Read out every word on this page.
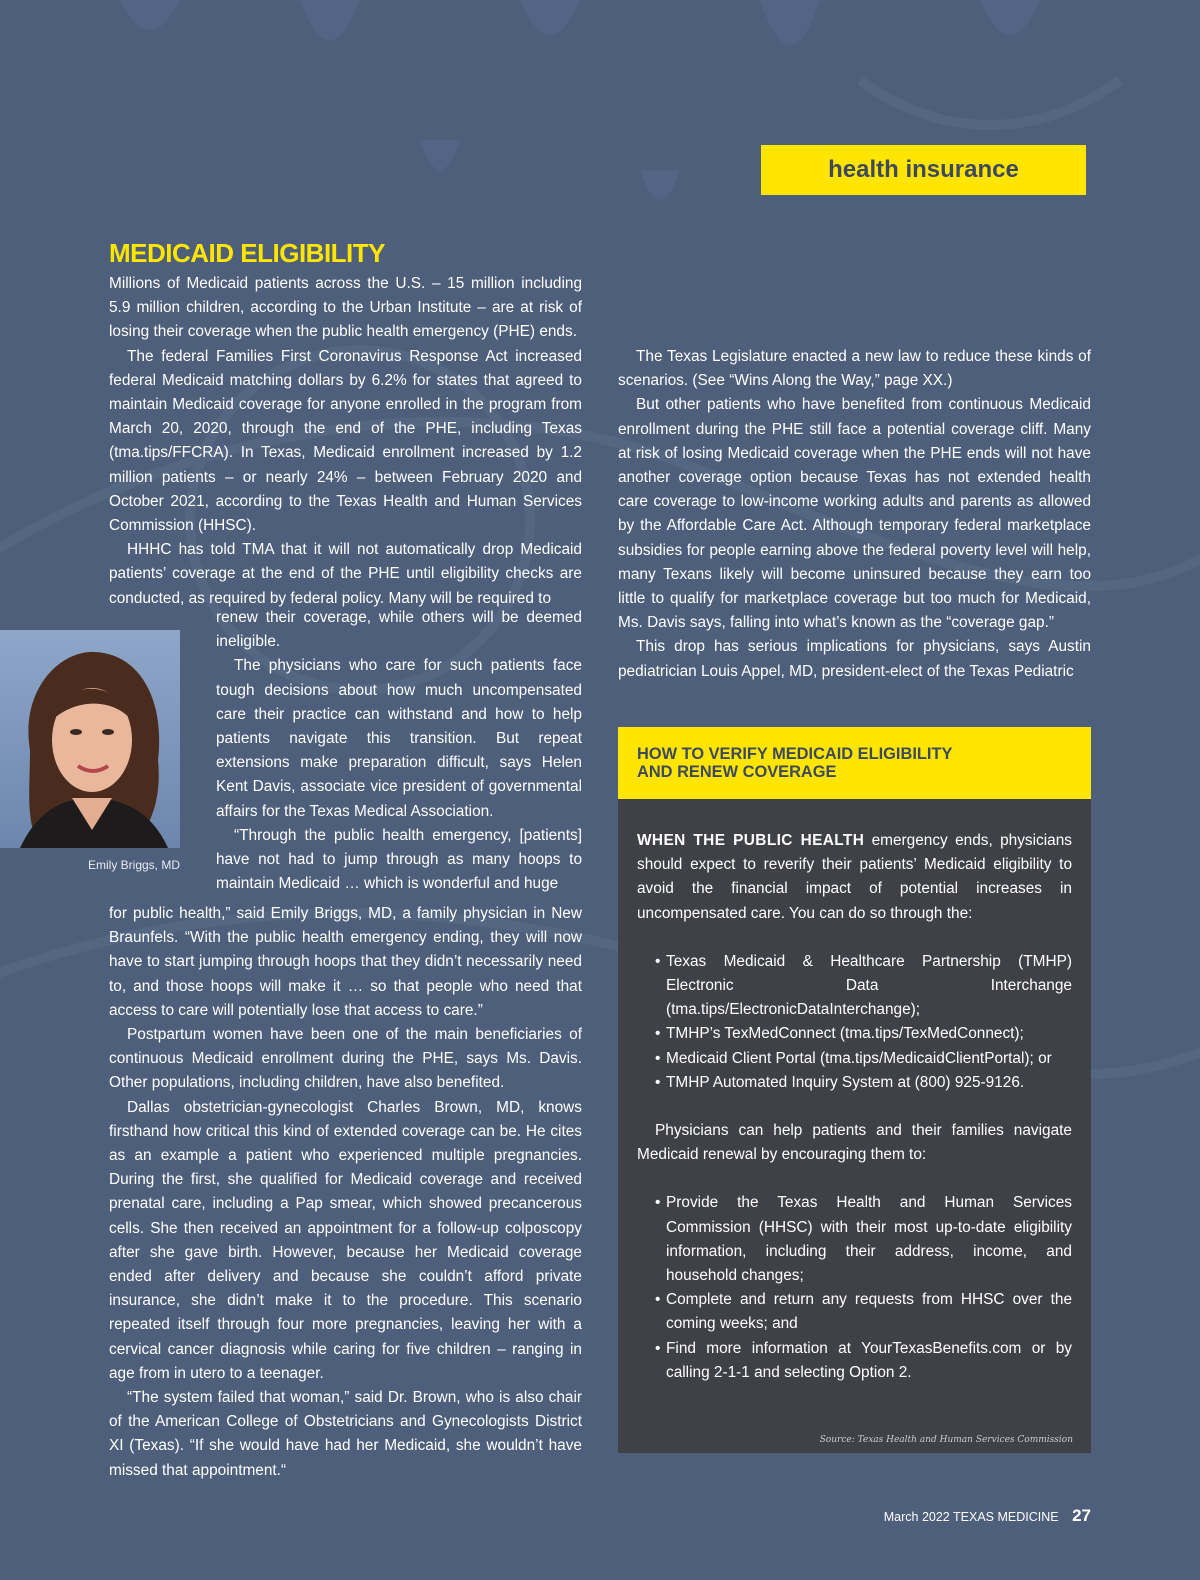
health insurance
MEDICAID ELIGIBILITY

Millions of Medicaid patients across the U.S. – 15 million including 5.9 million children, according to the Urban Institute – are at risk of losing their coverage when the public health emergency (PHE) ends.

The federal Families First Coronavirus Response Act increased federal Medicaid matching dollars by 6.2% for states that agreed to maintain Medicaid coverage for anyone enrolled in the program from March 20, 2020, through the end of the PHE, including Texas (tma.tips/FFCRA). In Texas, Medicaid enrollment increased by 1.2 million patients – or nearly 24% – between February 2020 and October 2021, according to the Texas Health and Human Services Commission (HHSC).

HHHC has told TMA that it will not automatically drop Medicaid patients’ coverage at the end of the PHE until eligibility checks are conducted, as required by federal policy. Many will be required to

Emily Briggs, MD

renew their coverage, while others will be deemed ineligible.

The physicians who care for such patients face tough decisions about how much uncompensated care their practice can withstand and how to help patients navigate this transition. But repeat extensions make preparation difficult, says Helen Kent Davis, associate vice president of governmental affairs for the Texas Medical Association.

“Through the public health emergency, [patients] have not had to jump through as many hoops to maintain Medicaid … which is wonderful and huge

for public health,” said Emily Briggs, MD, a family physician in New Braunfels. “With the public health emergency ending, they will now have to start jumping through hoops that they didn’t necessarily need to, and those hoops will make it … so that people who need that access to care will potentially lose that access to care.”

Postpartum women have been one of the main beneficiaries of continuous Medicaid enrollment during the PHE, says Ms. Davis. Other populations, including children, have also benefited.

Dallas obstetrician-gynecologist Charles Brown, MD, knows firsthand how critical this kind of extended coverage can be. He cites as an example a patient who experienced multiple pregnancies. During the first, she qualified for Medicaid coverage and received prenatal care, including a Pap smear, which showed precancerous cells. She then received an appointment for a follow-up colposcopy after she gave birth. However, because her Medicaid coverage ended after delivery and because she couldn’t afford private insurance, she didn’t make it to the procedure. This scenario repeated itself through four more pregnancies, leaving her with a cervical cancer diagnosis while caring for five children – ranging in age from in utero to a teenager.

“The system failed that woman,” said Dr. Brown, who is also chair of the American College of Obstetricians and Gynecologists District XI (Texas). “If she would have had her Medicaid, she wouldn’t have missed that appointment.“

The Texas Legislature enacted a new law to reduce these kinds of scenarios. (See “Wins Along the Way,” page XX.)

But other patients who have benefited from continuous Medicaid enrollment during the PHE still face a potential coverage cliff. Many at risk of losing Medicaid coverage when the PHE ends will not have another coverage option because Texas has not extended health care coverage to low-income working adults and parents as allowed by the Affordable Care Act. Although temporary federal marketplace subsidies for people earning above the federal poverty level will help, many Texans likely will become uninsured because they earn too little to qualify for marketplace coverage but too much for Medicaid, Ms. Davis says, falling into what’s known as the “coverage gap.”

This drop has serious implications for physicians, says Austin pediatrician Louis Appel, MD, president-elect of the Texas Pediatric

HOW TO VERIFY MEDICAID ELIGIBILITY
AND RENEW COVERAGE

WHEN THE PUBLIC HEALTH emergency ends, physicians should expect to reverify their patients’ Medicaid eligibility to avoid the financial impact of potential increases in uncompensated care. You can do so through the:

• Texas Medicaid & Healthcare Partnership (TMHP) Electronic Data Interchange (tma.tips/ElectronicDataInterchange);
• TMHP’s TexMedConnect (tma.tips/TexMedConnect);
• Medicaid Client Portal (tma.tips/MedicaidClientPortal); or
• TMHP Automated Inquiry System at (800) 925-9126.

Physicians can help patients and their families navigate Medicaid renewal by encouraging them to:

• Provide the Texas Health and Human Services Commission (HHSC) with their most up-to-date eligibility information, including their address, income, and household changes;
• Complete and return any requests from HHSC over the coming weeks; and
• Find more information at YourTexasBenefits.com or by calling 2-1-1 and selecting Option 2.
Source: Texas Health and Human Services Commission
March 2022 TEXAS MEDICINE 27
